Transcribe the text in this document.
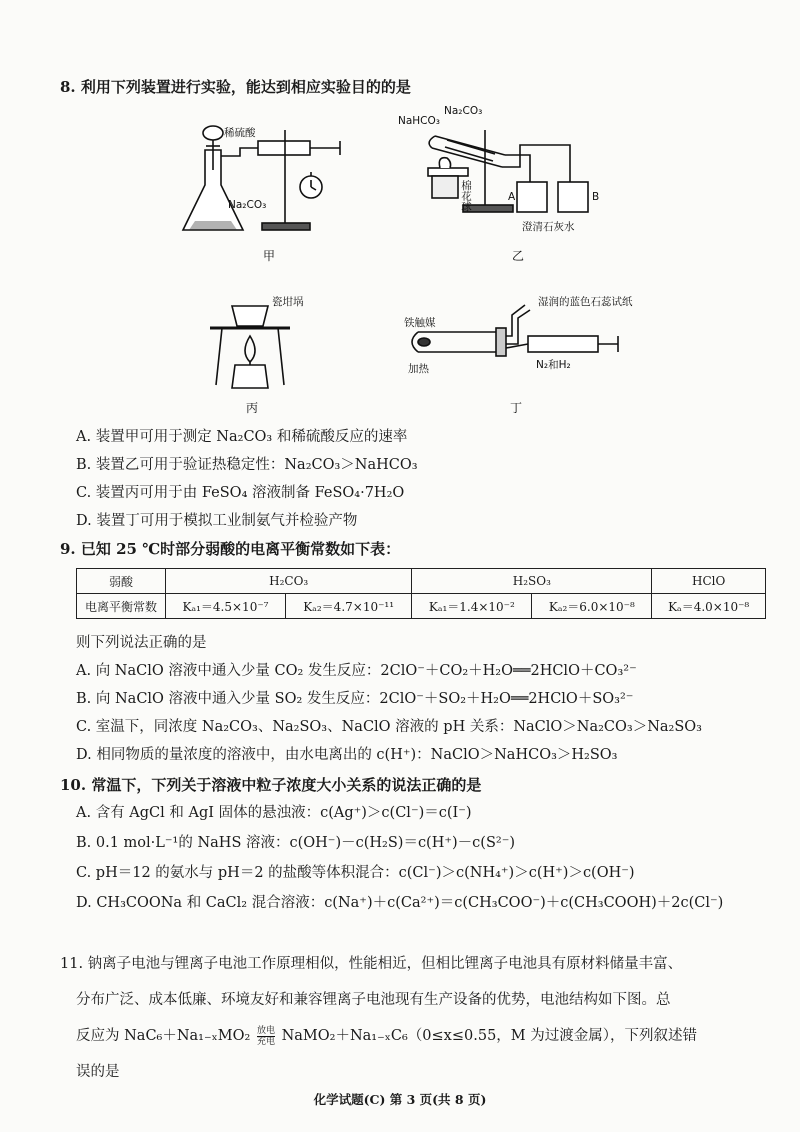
8. 利用下列装置进行实验，能达到相应实验目的的是
稀硫酸
Na₂CO₃
甲
NaHCO₃
Na₂CO₃
棉花球	A	B
澄清石灰水
乙
瓷坩埚
丙
铁触媒
加热
湿润的蓝色石蕊试纸
N₂和H₂
丁
A. 装置甲可用于测定 Na₂CO₃ 和稀硫酸反应的速率
B. 装置乙可用于验证热稳定性：Na₂CO₃＞NaHCO₃
C. 装置丙可用于由 FeSO₄ 溶液制备 FeSO₄·7H₂O
D. 装置丁可用于模拟工业制氨气并检验产物
9. 已知 25 ℃时部分弱酸的电离平衡常数如下表：
弱酸	H₂CO₃		H₂SO₃		HClO
电离平衡常数	Kₐ₁＝4.5×10⁻⁷	Kₐ₂＝4.7×10⁻¹¹	Kₐ₁＝1.4×10⁻²	Kₐ₂＝6.0×10⁻⁸	Kₐ＝4.0×10⁻⁸
则下列说法正确的是
A. 向 NaClO 溶液中通入少量 CO₂ 发生反应：2ClO⁻＋CO₂＋H₂O══2HClO＋CO₃²⁻
B. 向 NaClO 溶液中通入少量 SO₂ 发生反应：2ClO⁻＋SO₂＋H₂O══2HClO＋SO₃²⁻
C. 室温下，同浓度 Na₂CO₃、Na₂SO₃、NaClO 溶液的 pH 关系：NaClO＞Na₂CO₃＞Na₂SO₃
D. 相同物质的量浓度的溶液中，由水电离出的 c(H⁺)：NaClO＞NaHCO₃＞H₂SO₃
10. 常温下，下列关于溶液中粒子浓度大小关系的说法正确的是
A. 含有 AgCl 和 AgI 固体的悬浊液：c(Ag⁺)＞c(Cl⁻)＝c(I⁻)
B. 0.1 mol·L⁻¹的 NaHS 溶液：c(OH⁻)－c(H₂S)＝c(H⁺)－c(S²⁻)
C. pH＝12 的氨水与 pH＝2 的盐酸等体积混合：c(Cl⁻)＞c(NH₄⁺)＞c(H⁺)＞c(OH⁻)
D. CH₃COONa 和 CaCl₂ 混合溶液：c(Na⁺)＋c(Ca²⁺)＝c(CH₃COO⁻)＋c(CH₃COOH)＋2c(Cl⁻)
11. 钠离子电池与锂离子电池工作原理相似，性能相近，但相比锂离子电池具有原材料储量丰富、
分布广泛、成本低廉、环境友好和兼容锂离子电池现有生产设备的优势，电池结构如下图。总
反应为 $NaC_6+Na_{1-x}MO_2 \frac{\text{放电}}{\text{充电}}$ NaMO₂＋Na₁₋ₓC₆（0≤x≤0.55，M 为过渡金属），下列叙述错
误的是
化学试题(C) 第 3 页(共 8 页)
